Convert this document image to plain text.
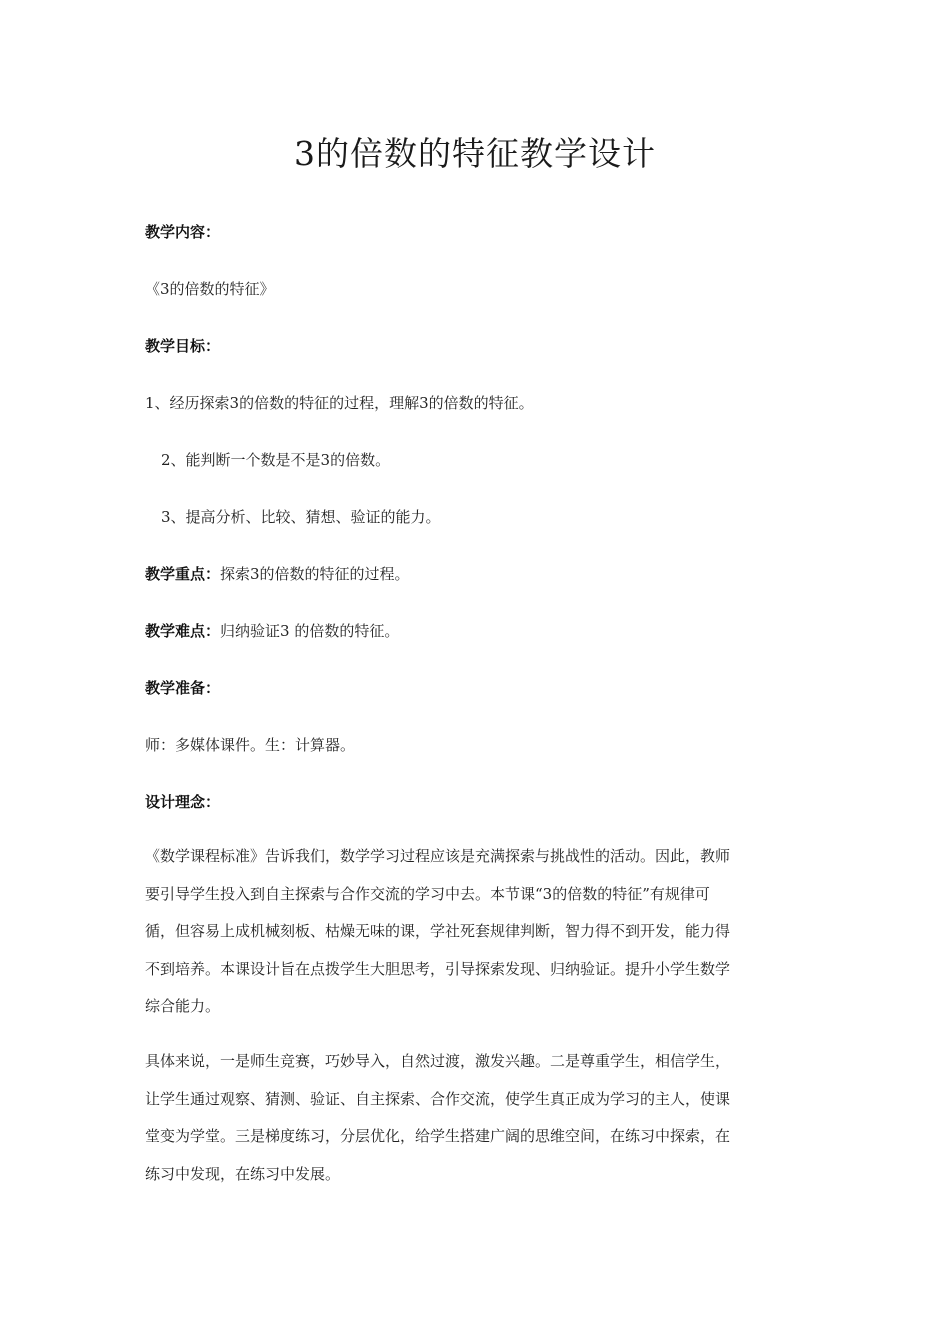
3的倍数的特征教学设计
教学内容：
《3的倍数的特征》
教学目标：
1、经历探索3的倍数的特征的过程，理解3的倍数的特征。
2、能判断一个数是不是3的倍数。
3、提高分析、比较、猜想、验证的能力。
教学重点：探索3的倍数的特征的过程。
教学难点：归纳验证3 的倍数的特征。
教学准备：
师：多媒体课件。生：计算器。
设计理念：
《数学课程标准》告诉我们，数学学习过程应该是充满探索与挑战性的活动。因此，教师
要引导学生投入到自主探索与合作交流的学习中去。本节课“3的倍数的特征”有规律可
循，但容易上成机械刻板、枯燥无味的课，学社死套规律判断，智力得不到开发，能力得
不到培养。本课设计旨在点拨学生大胆思考，引导探索发现、归纳验证。提升小学生数学
综合能力。
具体来说，一是师生竞赛，巧妙导入，自然过渡，激发兴趣。二是尊重学生，相信学生，
让学生通过观察、猜测、验证、自主探索、合作交流，使学生真正成为学习的主人，使课
堂变为学堂。三是梯度练习，分层优化，给学生搭建广阔的思维空间，在练习中探索，在
练习中发现，在练习中发展。
